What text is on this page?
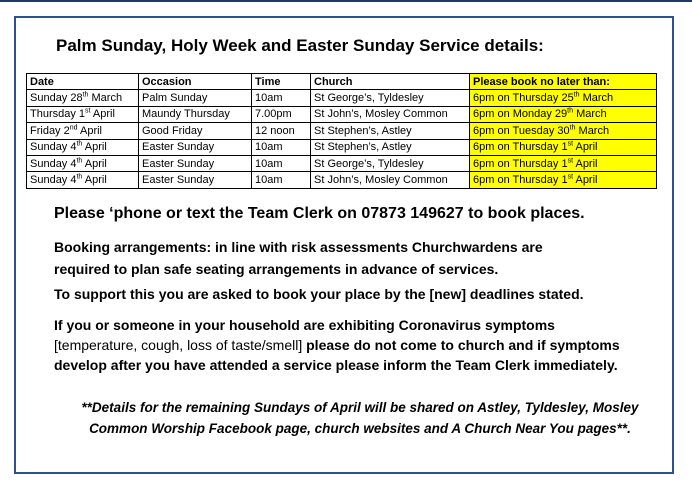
Palm Sunday, Holy Week and Easter Sunday Service details:
Date	Occasion	Time	Church	Please book no later than:
Sunday 28th March	Palm Sunday	10am	St George’s, Tyldesley	6pm on Thursday 25th March
Thursday 1st April	Maundy Thursday	7.00pm	St John’s, Mosley Common	6pm on Monday 29th March
Friday 2nd April	Good Friday	12 noon	St Stephen’s, Astley	6pm on Tuesday 30th March
Sunday 4th April	Easter Sunday	10am	St Stephen’s, Astley	6pm on Thursday 1st April
Sunday 4th April	Easter Sunday	10am	St George’s, Tyldesley	6pm on Thursday 1st April
Sunday 4th April	Easter Sunday	10am	St John’s, Mosley Common	6pm on Thursday 1st April
Please ‘phone or text the Team Clerk on 07873 149627 to book places.
Booking arrangements: in line with risk assessments Churchwardens are
required to plan safe seating arrangements in advance of services.
To support this you are asked to book your place by the [new] deadlines stated.
If you or someone in your household are exhibiting Coronavirus symptoms
[temperature, cough, loss of taste/smell] please do not come to church and if symptoms
develop after you have attended a service please inform the Team Clerk immediately.
**Details for the remaining Sundays of April will be shared on Astley, Tyldesley, Mosley
Common Worship Facebook page, church websites and A Church Near You pages**.
